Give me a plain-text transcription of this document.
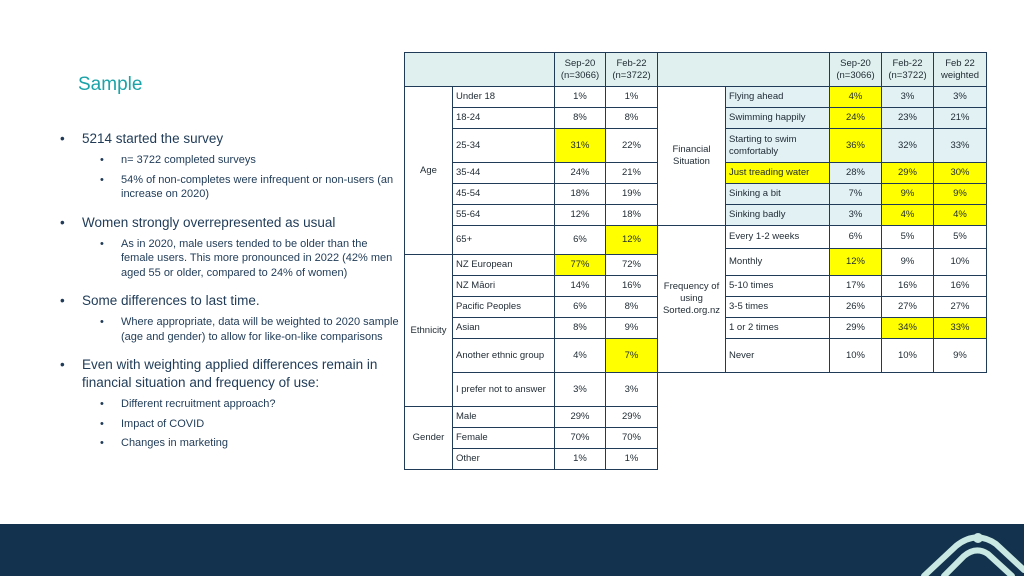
Sample
• 5214 started the survey
• n= 3722 completed surveys
• 54% of non-completes were infrequent or non-users (an increase on 2020)
• Women strongly overrepresented as usual
• As in 2020, male users tended to be older than the female users. This more pronounced in 2022 (42% men aged 55 or older, compared to 24% of women)
• Some differences to last time.
• Where appropriate, data will be weighted to 2020 sample (age and gender) to allow for like-on-like comparisons
• Even with weighting applied differences remain in financial situation and frequency of use:
• Different recruitment approach?
• Impact of COVID
• Changes in marketing
		Sep-20 (n=3066)	Feb-22 (n=3722)
Age	Under 18	1%	1%
	18-24	8%	8%
	25-34	31%	22%
	35-44	24%	21%
	45-54	18%	19%
	55-64	12%	18%
	65+	6%	12%
Ethnicity	NZ European	77%	72%
	NZ Māori	14%	16%
	Pacific Peoples	6%	8%
	Asian	8%	9%
	Another ethnic group	4%	7%
	I prefer not to answer	3%	3%
Gender	Male	29%	29%
	Female	70%	70%
	Other	1%	1%
		Sep-20 (n=3066)	Feb-22 (n=3722)	Feb 22 weighted
Financial Situation	Flying ahead	4%	3%	3%
	Swimming happily	24%	23%	21%
	Starting to swim comfortably	36%	32%	33%
	Just treading water	28%	29%	30%
	Sinking a bit	7%	9%	9%
	Sinking badly	3%	4%	4%
Frequency of using Sorted.org.nz	Every 1-2 weeks	6%	5%	5%
	Monthly	12%	9%	10%
	5-10 times	17%	16%	16%
	3-5 times	26%	27%	27%
	1 or 2 times	29%	34%	33%
	Never	10%	10%	9%
